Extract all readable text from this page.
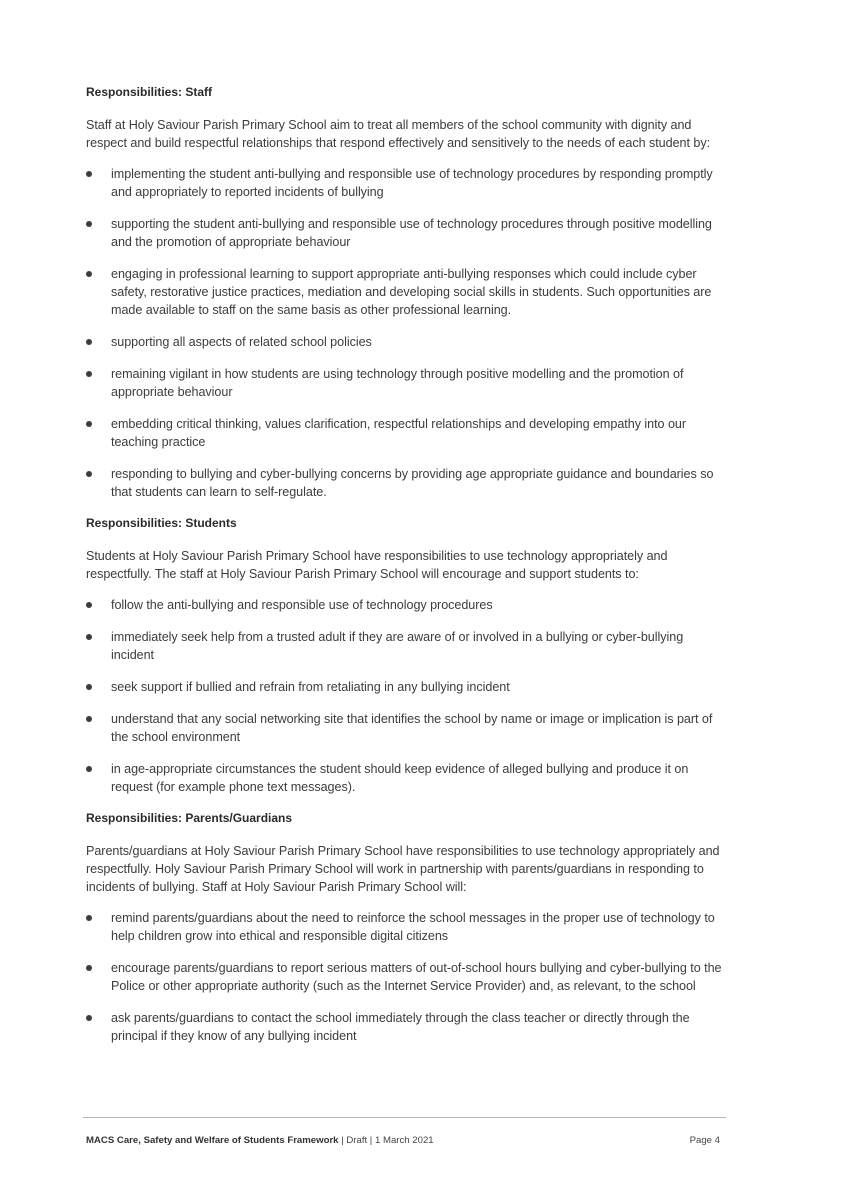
Responsibilities: Staff

Staff at Holy Saviour Parish Primary School aim to treat all members of the school community with dignity and respect and build respectful relationships that respond effectively and sensitively to the needs of each student by:

implementing the student anti-bullying and responsible use of technology procedures by responding promptly and appropriately to reported incidents of bullying
supporting the student anti-bullying and responsible use of technology procedures through positive modelling and the promotion of appropriate behaviour
engaging in professional learning to support appropriate anti-bullying responses which could include cyber safety, restorative justice practices, mediation and developing social skills in students. Such opportunities are made available to staff on the same basis as other professional learning.
supporting all aspects of related school policies
remaining vigilant in how students are using technology through positive modelling and the promotion of appropriate behaviour
embedding critical thinking, values clarification, respectful relationships and developing empathy into our teaching practice
responding to bullying and cyber-bullying concerns by providing age appropriate guidance and boundaries so that students can learn to self-regulate.
Responsibilities: Students

Students at Holy Saviour Parish Primary School have responsibilities to use technology appropriately and respectfully. The staff at Holy Saviour Parish Primary School will encourage and support students to:

follow the anti-bullying and responsible use of technology procedures
immediately seek help from a trusted adult if they are aware of or involved in a bullying or cyber-bullying incident
seek support if bullied and refrain from retaliating in any bullying incident
understand that any social networking site that identifies the school by name or image or implication is part of the school environment
in age-appropriate circumstances the student should keep evidence of alleged bullying and produce it on request (for example phone text messages).
Responsibilities: Parents/Guardians

Parents/guardians at Holy Saviour Parish Primary School have responsibilities to use technology appropriately and respectfully. Holy Saviour Parish Primary School will work in partnership with parents/guardians in responding to incidents of bullying. Staff at Holy Saviour Parish Primary School will:

remind parents/guardians about the need to reinforce the school messages in the proper use of technology to help children grow into ethical and responsible digital citizens
encourage parents/guardians to report serious matters of out-of-school hours bullying and cyber-bullying to the Police or other appropriate authority (such as the Internet Service Provider) and, as relevant, to the school
ask parents/guardians to contact the school immediately through the class teacher or directly through the principal if they know of any bullying incident
MACS Care, Safety and Welfare of Students Framework | Draft | 1 March 2021	Page 4
